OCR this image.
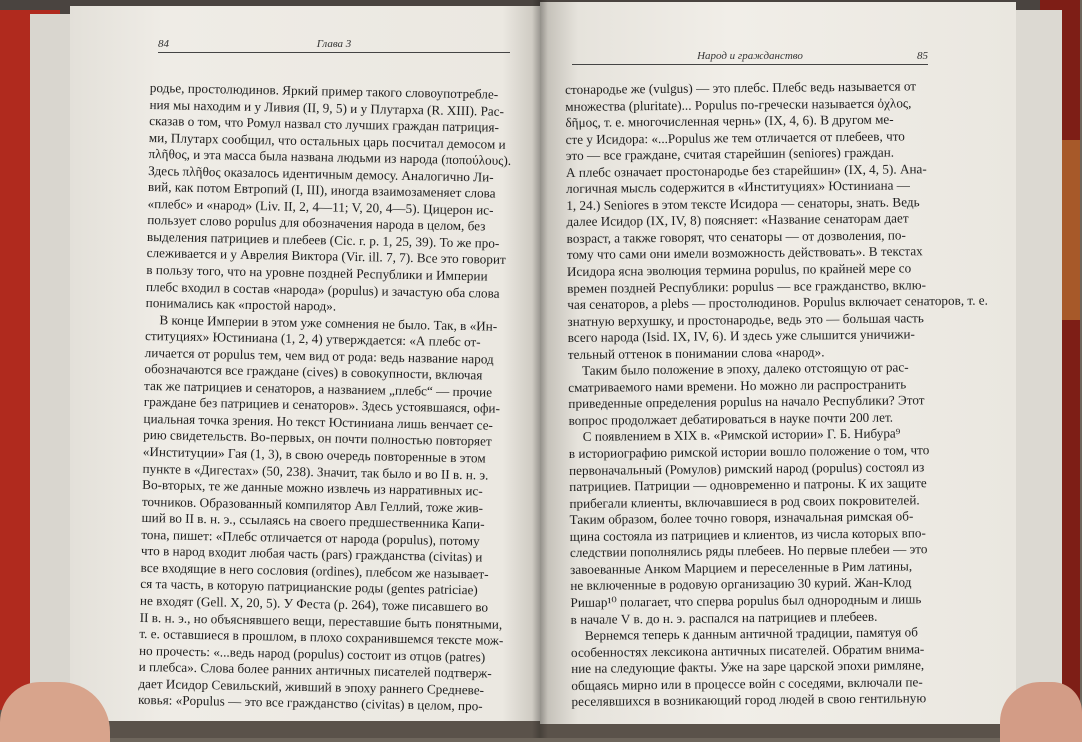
84	Глава 3
Народ и гражданство	85
родье, простолюдинов. Яркий пример такого словоупотребле-
ния мы находим и у Ливия (II, 9, 5) и у Плутарха (R. XIII). Рас-
сказав о том, что Ромул назвал сто лучших граждан патриция-
ми, Плутарх сообщил, что остальных царь посчитал демосом и
πλῆθος, и эта масса была названа людьми из народа (ποπούλους).
Здесь πλῆθος оказалось идентичным демосу. Аналогично Ли-
вий, как потом Евтропий (I, III), иногда взаимозаменяет слова
«плебс» и «народ» (Liv. II, 2, 4—11; V, 20, 4—5). Цицерон ис-
пользует слово populus для обозначения народа в целом, без
выделения патрициев и плебеев (Cic. r. p. 1, 25, 39). То же про-
слеживается и у Аврелия Виктора (Vir. ill. 7, 7). Все это говорит
в пользу того, что на уровне поздней Республики и Империи
плебс входил в состав «народа» (populus) и зачастую оба слова
понимались как «простой народ».
В конце Империи в этом уже сомнения не было. Так, в «Ин-
ституциях» Юстиниана (1, 2, 4) утверждается: «А плебс от-
личается от populus тем, чем вид от рода: ведь название народ
обозначаются все граждане (cives) в совокупности, включая
так же патрициев и сенаторов, а названием „плебс“ — прочие
граждане без патрициев и сенаторов». Здесь устоявшаяся, офи-
циальная точка зрения. Но текст Юстиниана лишь венчает се-
рию свидетельств. Во-первых, он почти полностью повторяет
«Институции» Гая (1, 3), в свою очередь повторенные в этом
пункте в «Дигестах» (50, 238). Значит, так было и во II в. н. э.
Во-вторых, те же данные можно извлечь из нарративных ис-
точников. Образованный компилятор Авл Геллий, тоже жив-
ший во II в. н. э., ссылаясь на своего предшественника Капи-
тона, пишет: «Плебс отличается от народа (populus), потому
что в народ входит любая часть (pars) гражданства (civitas) и
все входящие в него сословия (ordines), плебсом же называет-
ся та часть, в которую патрицианские роды (gentes patriciae)
не входят (Gell. X, 20, 5). У Феста (p. 264), тоже писавшего во
II в. н. э., но объяснявшего вещи, переставшие быть понятными,
т. е. оставшиеся в прошлом, в плохо сохранившемся тексте мож-
но прочесть: «...ведь народ (populus) состоит из отцов (patres)
и плебса». Слова более ранних античных писателей подтверж-
дает Исидор Севильский, живший в эпоху раннего Средневе-
ковья: «Populus — это все гражданство (civitas) в целом, про-
стонародье же (vulgus) — это плебс. Плебс ведь называется от
множества (pluritate)... Populus по-гречески называется ὀχλος,
δῆμος, т. е. многочисленная чернь» (IX, 4, 6). В другом ме-
сте у Исидора: «...Populus же тем отличается от плебеев, что
это — все граждане, считая старейшин (seniores) граждан.
А плебс означает простонародье без старейшин» (IX, 4, 5). Ана-
логичная мысль содержится в «Институциях» Юстиниана —
1, 24.) Seniores в этом тексте Исидора — сенаторы, знать. Ведь
далее Исидор (IX, IV, 8) поясняет: «Название сенаторам дает
возраст, а также говорят, что сенаторы — от дозволения, по-
тому что сами они имели возможность действовать». В текстах
Исидора ясна эволюция термина populus, по крайней мере со
времен поздней Республики: populus — все гражданство, вклю-
чая сенаторов, а plebs — простолюдинов. Populus включает сенаторов, т. е.
знатную верхушку, и простонародье, ведь это — большая часть
всего народа (Isid. IX, IV, 6). И здесь уже слышится уничижи-
тельный оттенок в понимании слова «народ».
Таким было положение в эпоху, далеко отстоящую от рас-
сматриваемого нами времени. Но можно ли распространить
приведенные определения populus на начало Республики? Этот
вопрос продолжает дебатироваться в науке почти 200 лет.
С появлением в XIX в. «Римской истории» Г. Б. Нибура⁹
в историографию римской истории вошло положение о том, что
первоначальный (Ромулов) римский народ (populus) состоял из
патрициев. Патриции — одновременно и патроны. К их защите
прибегали клиенты, включавшиеся в род своих покровителей.
Таким образом, более точно говоря, изначальная римская об-
щина состояла из патрициев и клиентов, из числа которых впо-
следствии пополнялись ряды плебеев. Но первые плебеи — это
завоеванные Анком Марцием и переселенные в Рим латины,
не включенные в родовую организацию 30 курий. Жан-Клод
Ришар¹⁰ полагает, что сперва populus был однородным и лишь
в начале V в. до н. э. распался на патрициев и плебеев.
Вернемся теперь к данным античной традиции, памятуя об
особенностях лексикона античных писателей. Обратим внима-
ние на следующие факты. Уже на заре царской эпохи римляне,
общаясь мирно или в процессе войн с соседями, включали пе-
реселявшихся в возникающий город людей в свою гентильную
